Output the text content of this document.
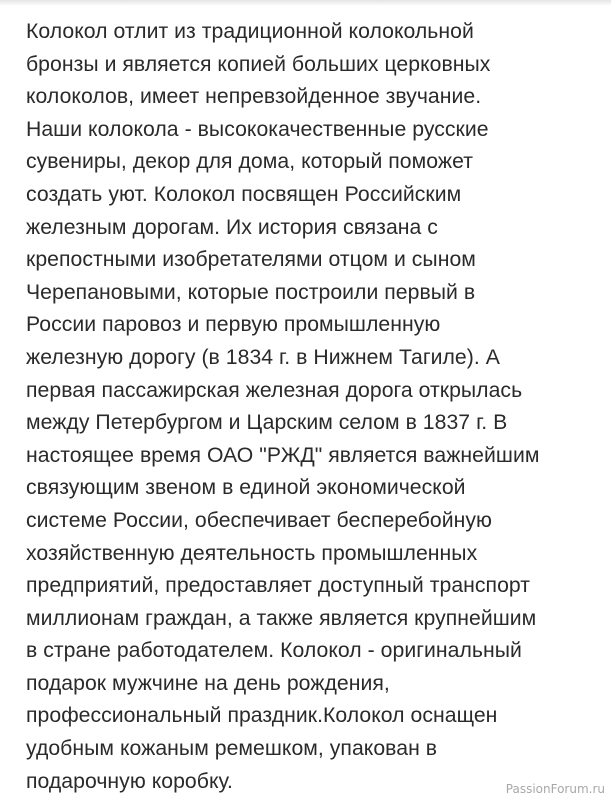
Колокол отлит из традиционной колокольной
бронзы и является копией больших церковных
колоколов, имеет непревзойденное звучание.
Наши колокола - высококачественные русские
сувениры, декор для дома, который поможет
создать уют. Колокол посвящен Российским
железным дорогам. Их история связана с
крепостными изобретателями отцом и сыном
Черепановыми, которые построили первый в
России паровоз и первую промышленную
железную дорогу (в 1834 г. в Нижнем Тагиле). А
первая пассажирская железная дорога открылась
между Петербургом и Царским селом в 1837 г. В
настоящее время ОАО "РЖД" является важнейшим
связующим звеном в единой экономической
системе России, обеспечивает бесперебойную
хозяйственную деятельность промышленных
предприятий, предоставляет доступный транспорт
миллионам граждан, а также является крупнейшим
в стране работодателем. Колокол - оригинальный
подарок мужчине на день рождения,
профессиональный праздник.Колокол оснащен
удобным кожаным ремешком, упакован в
подарочную коробку.	PassionForum.ru
